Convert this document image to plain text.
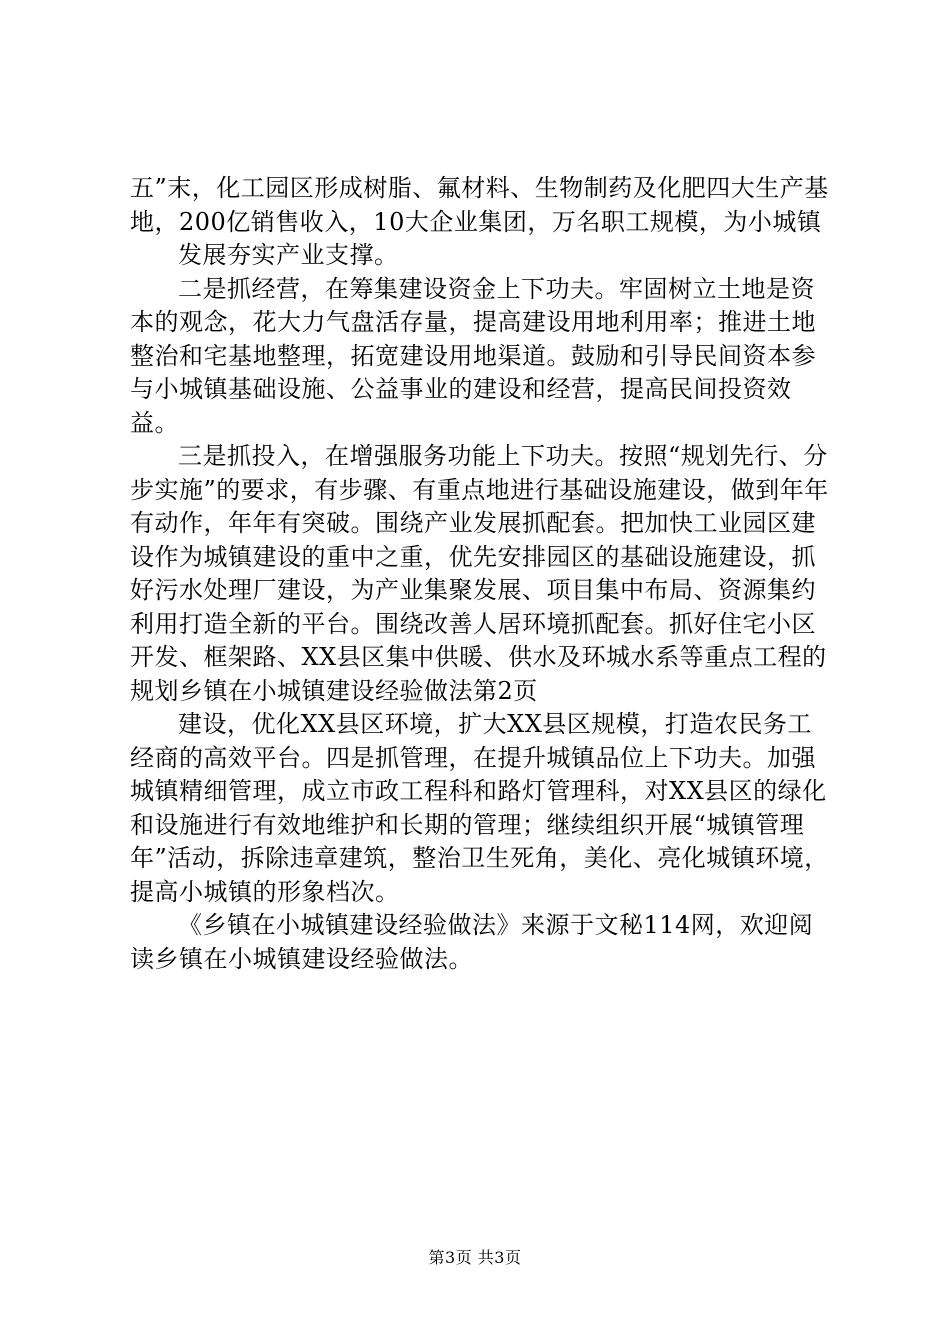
五”末，化工园区形成树脂、氟材料、生物制药及化肥四大生产基地，200亿销售收入，10大企业集团，万名职工规模，为小城镇

发展夯实产业支撑。

二是抓经营，在筹集建设资金上下功夫。牢固树立土地是资本的观念，花大力气盘活存量，提高建设用地利用率；推进土地整治和宅基地整理，拓宽建设用地渠道。鼓励和引导民间资本参与小城镇基础设施、公益事业的建设和经营，提高民间投资效益。

三是抓投入，在增强服务功能上下功夫。按照“规划先行、分步实施”的要求，有步骤、有重点地进行基础设施建设，做到年年有动作，年年有突破。围绕产业发展抓配套。把加快工业园区建设作为城镇建设的重中之重，优先安排园区的基础设施建设，抓好污水处理厂建设，为产业集聚发展、项目集中布局、资源集约利用打造全新的平台。围绕改善人居环境抓配套。抓好住宅小区开发、框架路、XX县区集中供暖、供水及环城水系等重点工程的规划乡镇在小城镇建设经验做法第2页

建设，优化XX县区环境，扩大XX县区规模，打造农民务工经商的高效平台。四是抓管理，在提升城镇品位上下功夫。加强城镇精细管理，成立市政工程科和路灯管理科，对XX县区的绿化和设施进行有效地维护和长期的管理；继续组织开展“城镇管理年”活动，拆除违章建筑，整治卫生死角，美化、亮化城镇环境，提高小城镇的形象档次。

《乡镇在小城镇建设经验做法》来源于文秘114网，欢迎阅读乡镇在小城镇建设经验做法。

第3页 共3页
